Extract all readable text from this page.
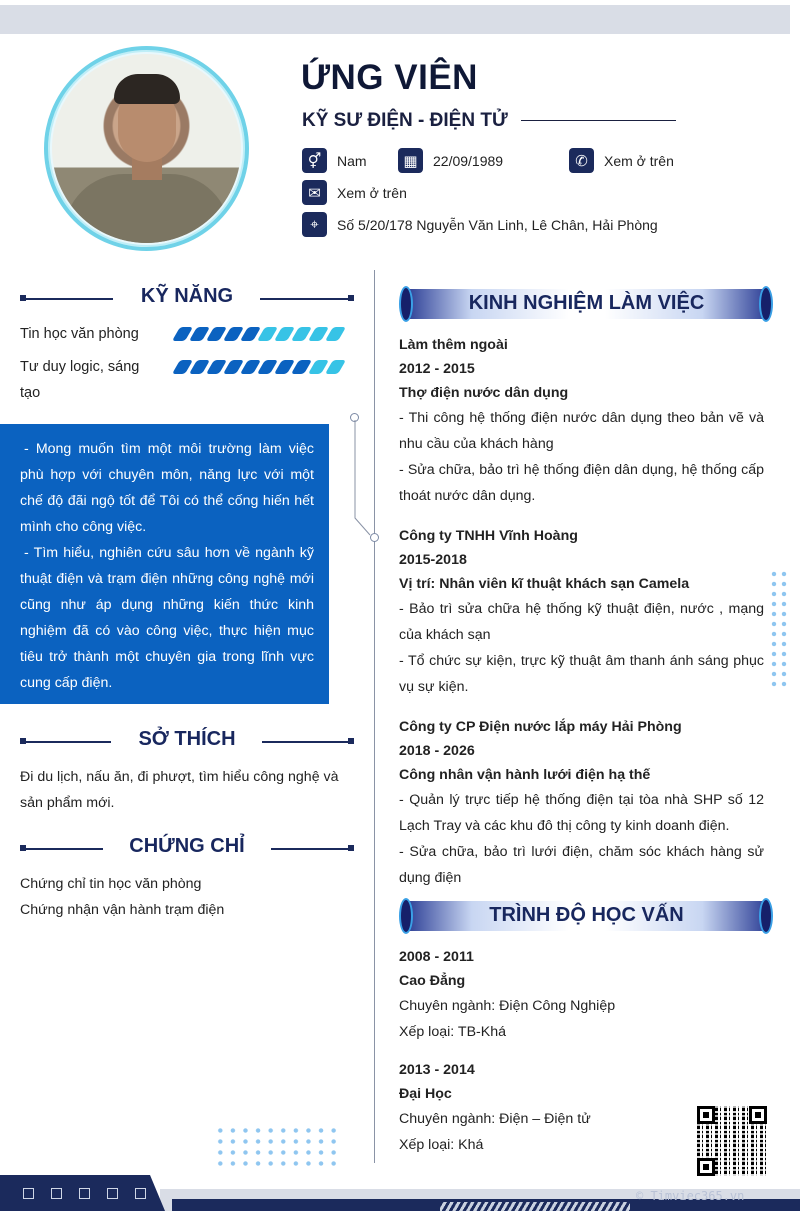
ỨNG VIÊN
KỸ SƯ ĐIỆN - ĐIỆN TỬ
⚥	Nam	▦	22/09/1989	✆	Xem ở trên
✉	Xem ở trên
⌖	Số 5/20/178 Nguyễn Văn Linh, Lê Chân, Hải Phòng
KỸ NĂNG
Tin học văn phòng
Tư duy logic, sáng tạo

- Mong muốn tìm một môi trường làm việc phù hợp với chuyên môn, năng lực với một chế độ đãi ngộ tốt để Tôi có thể cống hiến hết mình cho công việc.

- Tìm hiểu, nghiên cứu sâu hơn về ngành kỹ thuật điện và trạm điện những công nghệ mới cũng như áp dụng những kiến thức kinh nghiệm đã có vào công việc, thực hiện mục tiêu trở thành một chuyên gia trong lĩnh vực cung cấp điện.

SỞ THÍCH
Đi du lịch, nấu ăn, đi phượt, tìm hiểu công nghệ và sản phẩm mới.
CHỨNG CHỈ
Chứng chỉ tin học văn phòng
Chứng nhận vận hành trạm điện
KINH NGHIỆM LÀM VIỆC
Làm thêm ngoài
2012 - 2015
Thợ điện nước dân dụng
- Thi công hệ thống điện nước dân dụng theo bản vẽ và nhu cầu của khách hàng
- Sửa chữa, bảo trì hệ thống điện dân dụng, hệ thống cấp thoát nước dân dụng.
Công ty TNHH Vĩnh Hoàng
2015-2018
Vị trí: Nhân viên kĩ thuật khách sạn Camela
- Bảo trì sửa chữa hệ thống kỹ thuật điện, nước , mạng của khách sạn
- Tổ chức sự kiện, trực kỹ thuật âm thanh ánh sáng phục vụ sự kiện.
Công ty CP Điện nước lắp máy Hải Phòng
2018 - 2026
Công nhân vận hành lưới điện hạ thế
- Quản lý trực tiếp hệ thống điện tại tòa nhà SHP số 12 Lạch Tray và các khu đô thị công ty kinh doanh điện.
- Sửa chữa, bảo trì lưới điện, chăm sóc khách hàng sử dụng điện
TRÌNH ĐỘ HỌC VẤN
2008 - 2011
Cao Đẳng
Chuyên ngành: Điện Công Nghiệp
Xếp loại: TB-Khá
2013 - 2014
Đại Học
Chuyên ngành: Điện – Điện tử
Xếp loại: Khá
© Timviec365.vn
